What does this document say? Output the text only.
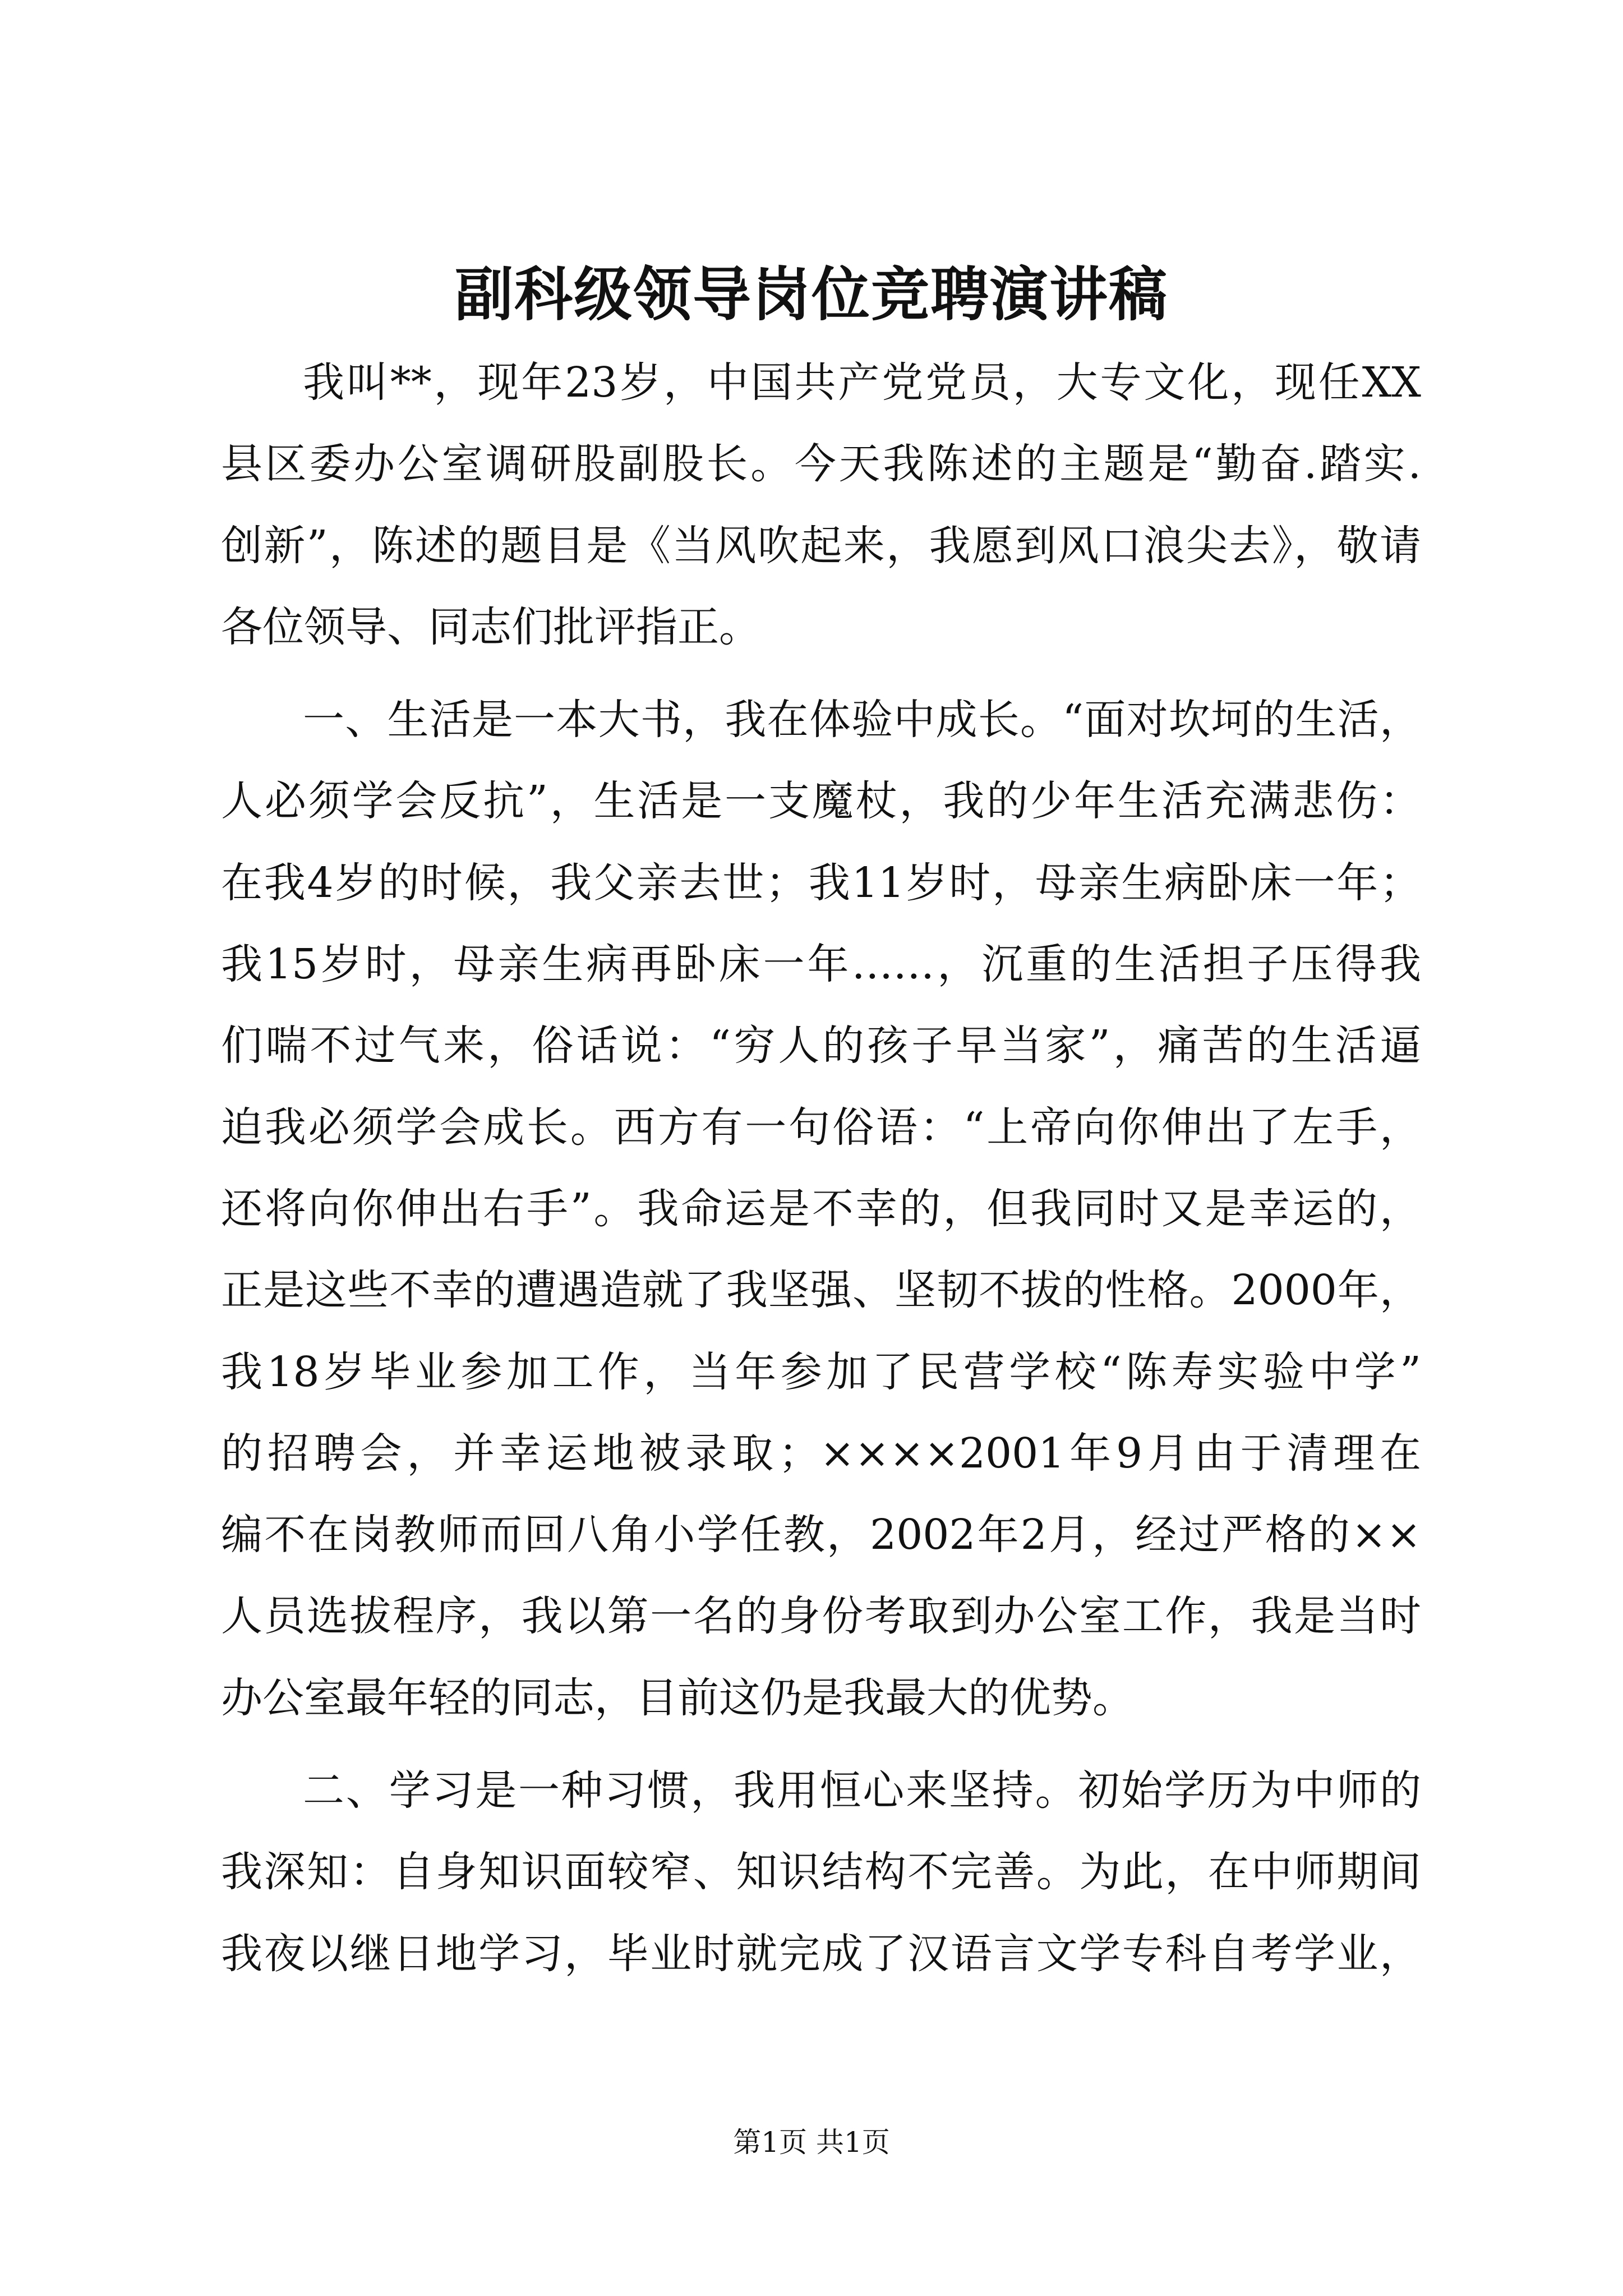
副科级领导岗位竞聘演讲稿
我叫**，现年23岁，中国共产党党员，大专文化，现任XX
县区委办公室调研股副股长。今天我陈述的主题是“勤奋.踏实.
创新”，陈述的题目是《当风吹起来，我愿到风口浪尖去》，敬请
各位领导、同志们批评指正。
一、生活是一本大书，我在体验中成长。“面对坎坷的生活，
人必须学会反抗”，生活是一支魔杖，我的少年生活充满悲伤：
在我4岁的时候，我父亲去世；我11岁时，母亲生病卧床一年；
我15岁时，母亲生病再卧床一年……，沉重的生活担子压得我
们喘不过气来，俗话说：“穷人的孩子早当家”，痛苦的生活逼
迫我必须学会成长。西方有一句俗语：“上帝向你伸出了左手，
还将向你伸出右手”。我命运是不幸的，但我同时又是幸运的，
正是这些不幸的遭遇造就了我坚强、坚韧不拔的性格。2000年，
我18岁毕业参加工作，当年参加了民营学校“陈寿实验中学”
的招聘会，并幸运地被录取；××××2001年9月由于清理在
编不在岗教师而回八角小学任教，2002年2月，经过严格的××
人员选拔程序，我以第一名的身份考取到办公室工作，我是当时
办公室最年轻的同志，目前这仍是我最大的优势。
二、学习是一种习惯，我用恒心来坚持。初始学历为中师的
我深知：自身知识面较窄、知识结构不完善。为此，在中师期间
我夜以继日地学习，毕业时就完成了汉语言文学专科自考学业，
第1页 共1页
